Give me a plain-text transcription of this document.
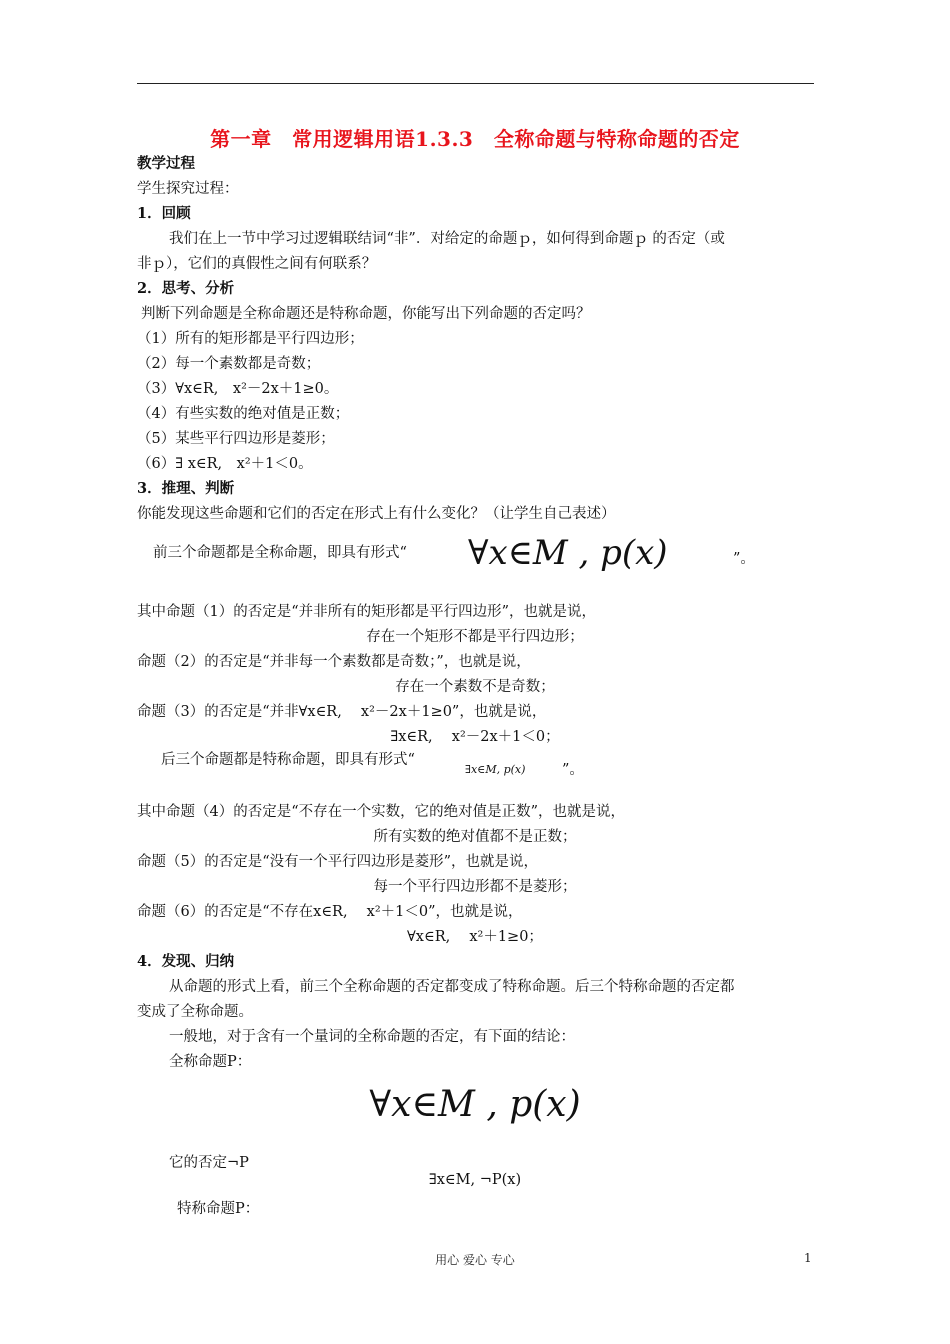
第一章　常用逻辑用语1.3.3　全称命题与特称命题的否定
教学过程
学生探究过程：
1．回顾
我们在上一节中学习过逻辑联结词“非”．对给定的命题ｐ，如何得到命题ｐ 的否定（或
非ｐ），它们的真假性之间有何联系？
2．思考、分析
判断下列命题是全称命题还是特称命题，你能写出下列命题的否定吗？
（1）所有的矩形都是平行四边形；
（2）每一个素数都是奇数；
（3）∀x∈R,　x²－2x＋1≥0。
（4）有些实数的绝对值是正数；
（5）某些平行四边形是菱形；
（6）∃ x∈R,　x²＋1＜0。
3．推理、判断
你能发现这些命题和它们的否定在形式上有什么变化？（让学生自己表述）
前三个命题都是全称命题，即具有形式“ ∀x∈M , p(x)	”。
其中命题（1）的否定是“并非所有的矩形都是平行四边形”，也就是说，
存在一个矩形不都是平行四边形；
命题（2）的否定是“并非每一个素数都是奇数；”，也就是说，
存在一个素数不是奇数；
命题（3）的否定是“并非∀x∈R,　 x²－2x＋1≥0”，也就是说，
∃x∈R,　 x²－2x＋1＜0；
后三个命题都是特称命题，即具有形式“
∃x∈M, p(x)	”。
其中命题（4）的否定是“不存在一个实数，它的绝对值是正数”，也就是说，
所有实数的绝对值都不是正数；
命题（5）的否定是“没有一个平行四边形是菱形”，也就是说，
每一个平行四边形都不是菱形；
命题（6）的否定是“不存在x∈R,　 x²＋1＜0”，也就是说，
∀x∈R,　 x²＋1≥0；
4．发现、归纳
从命题的形式上看，前三个全称命题的否定都变成了特称命题。后三个特称命题的否定都
变成了全称命题。
一般地，对于含有一个量词的全称命题的否定，有下面的结论：
全称命题P：
∀x∈M , p(x)
它的否定¬P
∃x∈M, ¬P(x)
特称命题P：
用心 爱心 专心	1
